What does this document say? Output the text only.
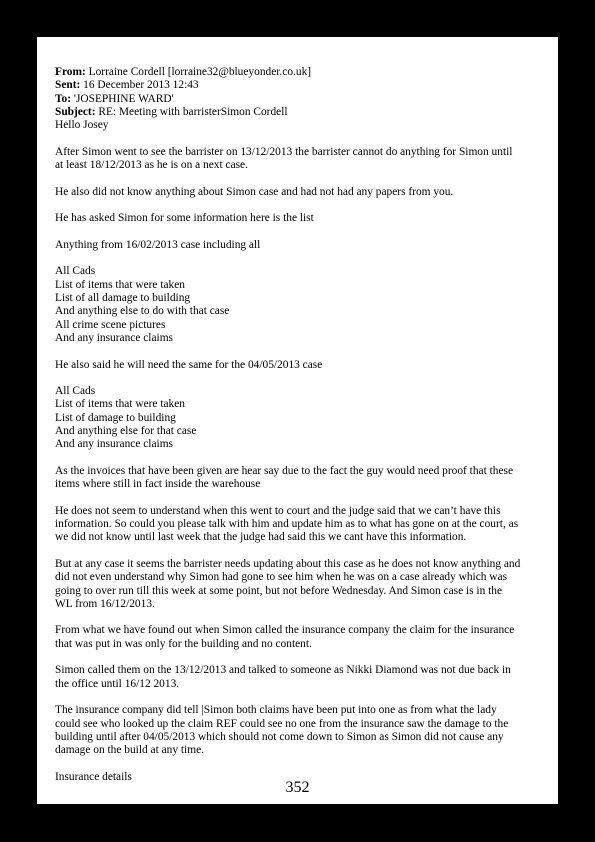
From: Lorraine Cordell [lorraine32@blueyonder.co.uk]
Sent: 16 December 2013 12:43
To: 'JOSEPHINE WARD'
Subject: RE: Meeting with barristerSimon Cordell
Hello Josey
After Simon went to see the barrister on 13/12/2013 the barrister cannot do anything for Simon until
at least 18/12/2013 as he is on a next case.
He also did not know anything about Simon case and had not had any papers from you.
He has asked Simon for some information here is the list
Anything from 16/02/2013 case including all
All Cads
List of items that were taken
List of all damage to building
And anything else to do with that case
All crime scene pictures
And any insurance claims
He also said he will need the same for the 04/05/2013 case
All Cads
List of items that were taken
List of damage to building
And anything else for that case
And any insurance claims
As the invoices that have been given are hear say due to the fact the guy would need proof that these
items where still in fact inside the warehouse
He does not seem to understand when this went to court and the judge said that we can’t have this
information. So could you please talk with him and update him as to what has gone on at the court, as
we did not know until last week that the judge had said this we cant have this information.
But at any case it seems the barrister needs updating about this case as he does not know anything and
did not even understand why Simon had gone to see him when he was on a case already which was
going to over run till this week at some point, but not before Wednesday. And Simon case is in the
WL from 16/12/2013.
From what we have found out when Simon called the insurance company the claim for the insurance
that was put in was only for the building and no content.
Simon called them on the 13/12/2013 and talked to someone as Nikki Diamond was not due back in
the office until 16/12 2013.
The insurance company did tell |Simon both claims have been put into one as from what the lady
could see who looked up the claim REF could see no one from the insurance saw the damage to the
building until after 04/05/2013 which should not come down to Simon as Simon did not cause any
damage on the build at any time.
Insurance details
352
